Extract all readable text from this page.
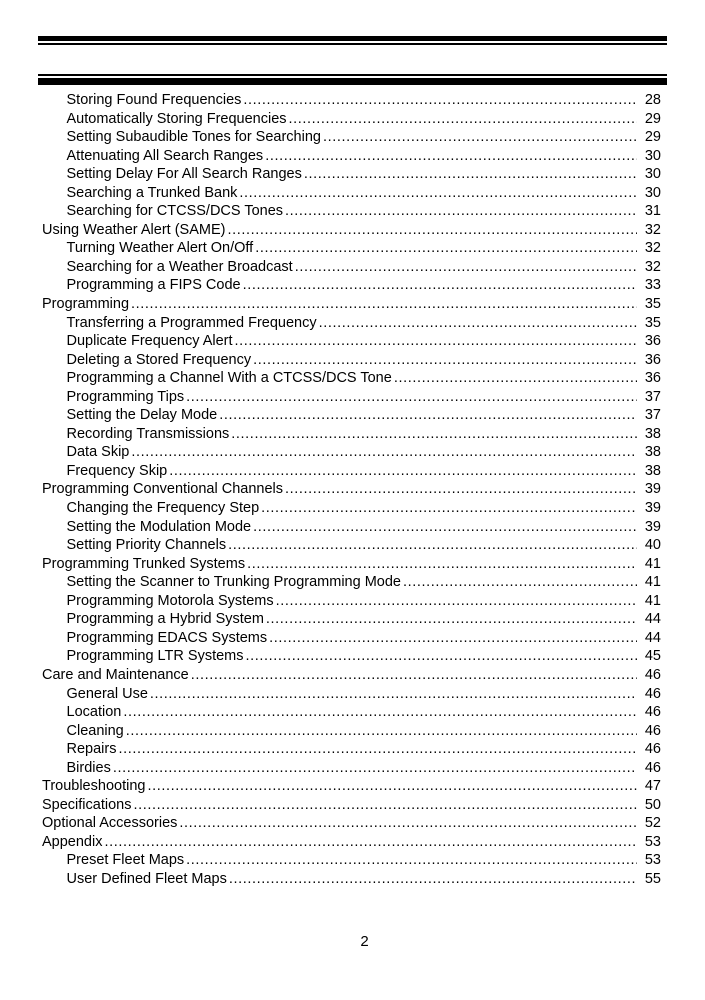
Storing Found Frequencies .....	28
Automatically Storing Frequencies .....	29
Setting Subaudible Tones for Searching .....	29
Attenuating All Search Ranges .....	30
Setting Delay For All Search Ranges .....	30
Searching a Trunked Bank .....	30
Searching for CTCSS/DCS Tones .....	31
Using Weather Alert (SAME) .....	32
Turning Weather Alert On/Off .....	32
Searching for a Weather Broadcast .....	32
Programming a FIPS Code .....	33
Programming .....	35
Transferring a Programmed Frequency .....	35
Duplicate Frequency Alert .....	36
Deleting a Stored Frequency .....	36
Programming a Channel With a CTCSS/DCS Tone .....	36
Programming Tips .....	37
Setting the Delay Mode .....	37
Recording Transmissions .....	38
Data Skip .....	38
Frequency Skip .....	38
Programming Conventional Channels .....	39
Changing the Frequency Step .....	39
Setting the Modulation Mode .....	39
Setting Priority Channels .....	40
Programming Trunked Systems .....	41
Setting the Scanner to Trunking Programming Mode .....	41
Programming Motorola Systems .....	41
Programming a Hybrid System .....	44
Programming EDACS Systems .....	44
Programming LTR Systems .....	45
Care and Maintenance .....	46
General Use .....	46
Location .....	46
Cleaning .....	46
Repairs .....	46
Birdies .....	46
Troubleshooting .....	47
Specifications .....	50
Optional Accessories .....	52
Appendix .....	53
Preset Fleet Maps .....	53
User Defined Fleet Maps .....	55
2
